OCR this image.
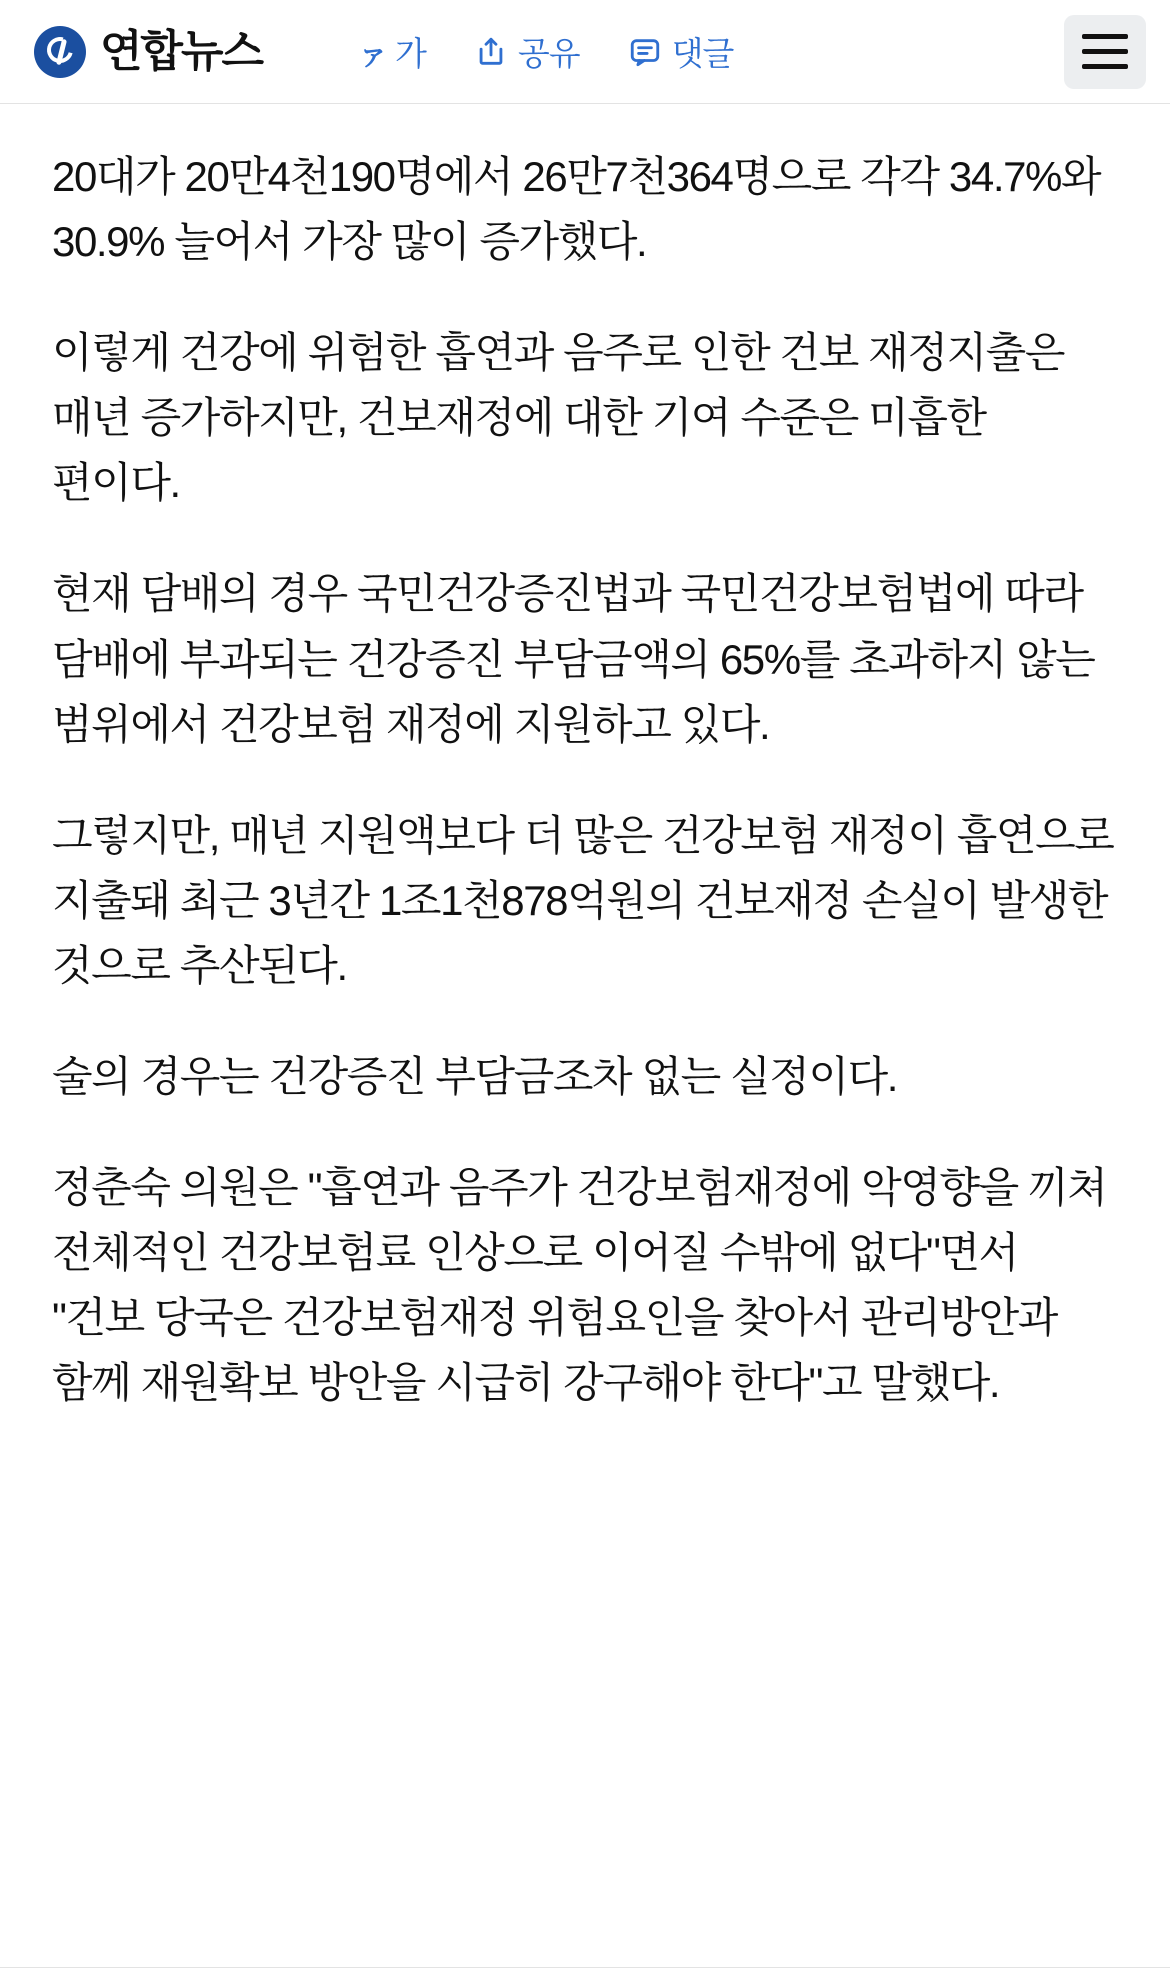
연합뉴스	ァ 가	공유	댓글

20대가 20만4천190명에서 26만7천364명으로 각각 34.7%와 30.9% 늘어서 가장 많이 증가했다.

이렇게 건강에 위험한 흡연과 음주로 인한 건보 재정지출은 매년 증가하지만, 건보재정에 대한 기여 수준은 미흡한 편이다.

현재 담배의 경우 국민건강증진법과 국민건강보험법에 따라 담배에 부과되는 건강증진 부담금액의 65%를 초과하지 않는 범위에서 건강보험 재정에 지원하고 있다.

그렇지만, 매년 지원액보다 더 많은 건강보험 재정이 흡연으로 지출돼 최근 3년간 1조1천878억원의 건보재정 손실이 발생한 것으로 추산된다.

술의 경우는 건강증진 부담금조차 없는 실정이다.

정춘숙 의원은 "흡연과 음주가 건강보험재정에 악영향을 끼쳐 전체적인 건강보험료 인상으로 이어질 수밖에 없다"면서 "건보 당국은 건강보험재정 위험요인을 찾아서 관리방안과 함께 재원확보 방안을 시급히 강구해야 한다"고 말했다.
